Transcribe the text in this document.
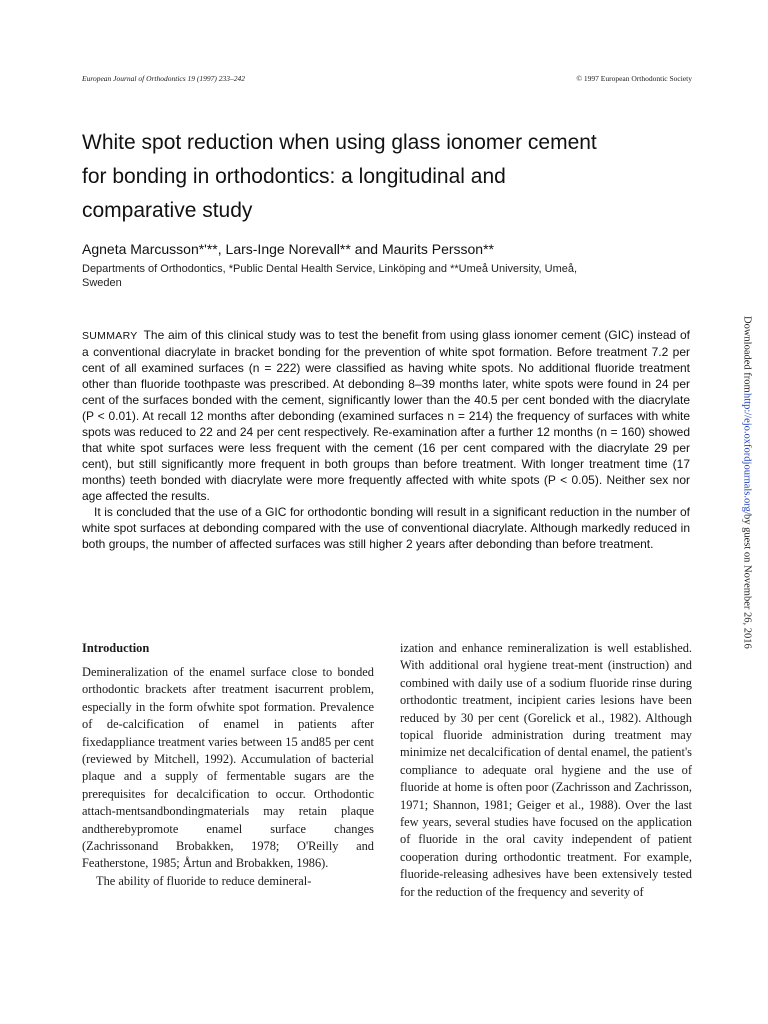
European Journal of Orthodontics 19 (1997) 233–242	© 1997 European Orthodontic Society
White spot reduction when using glass ionomer cement
for bonding in orthodontics: a longitudinal and
comparative study

Agneta Marcusson*'**, Lars-Inge Norevall** and Maurits Persson**

Departments of Orthodontics, *Public Dental Health Service, Linköping and **Umeå University, Umeå,
Sweden

SUMMARY The aim of this clinical study was to test the benefit from using glass ionomer cement (GIC) instead of a conventional diacrylate in bracket bonding for the prevention of white spot formation. Before treatment 7.2 per cent of all examined surfaces (n = 222) were classified as having white spots. No additional fluoride treatment other than fluoride toothpaste was prescribed. At debonding 8–39 months later, white spots were found in 24 per cent of the surfaces bonded with the cement, significantly lower than the 40.5 per cent bonded with the diacrylate (P < 0.01). At recall 12 months after debonding (examined surfaces n = 214) the frequency of surfaces with white spots was reduced to 22 and 24 per cent respectively. Re-examination after a further 12 months (n = 160) showed that white spot surfaces were less frequent with the cement (16 per cent compared with the diacrylate 29 per cent), but still significantly more frequent in both groups than before treatment. With longer treatment time (17 months) teeth bonded with diacrylate were more frequently affected with white spots (P < 0.05). Neither sex nor age affected the results.

It is concluded that the use of a GIC for orthodontic bonding will result in a significant reduction in the number of white spot surfaces at debonding compared with the use of conventional diacrylate. Although markedly reduced in both groups, the number of affected surfaces was still higher 2 years after debonding than before treatment.

Introduction

Demineralization of the enamel surface close to bonded orthodontic brackets after treatment isacurrent problem, especially in the form ofwhite spot formation. Prevalence of de-calcification of enamel in patients after fixedappliance treatment varies between 15 and85 per cent (reviewed by Mitchell, 1992). Accumulation of bacterial plaque and a supply of fermentable sugars are the prerequisites for decalcification to occur. Orthodontic attach-mentsandbondingmaterials may retain plaque andtherebypromote enamel surface changes (Zachrissonand Brobakken, 1978; O'Reilly and Featherstone, 1985; Årtun and Brobakken, 1986).

The ability of fluoride to reduce demineral-

ization and enhance remineralization is well established. With additional oral hygiene treat-ment (instruction) and combined with daily use of a sodium fluoride rinse during orthodontic treatment, incipient caries lesions have been reduced by 30 per cent (Gorelick et al., 1982). Although topical fluoride administration during treatment may minimize net decalcification of dental enamel, the patient's compliance to adequate oral hygiene and the use of fluoride at home is often poor (Zachrisson and Zachrisson, 1971; Shannon, 1981; Geiger et al., 1988). Over the last few years, several studies have focused on the application of fluoride in the oral cavity independent of patient cooperation during orthodontic treatment. For example, fluoride-releasing adhesives have been extensively tested for the reduction of the frequency and severity of

Downloaded from
http://ejo.oxfordjournals.org/
by guest on November 26, 2016
